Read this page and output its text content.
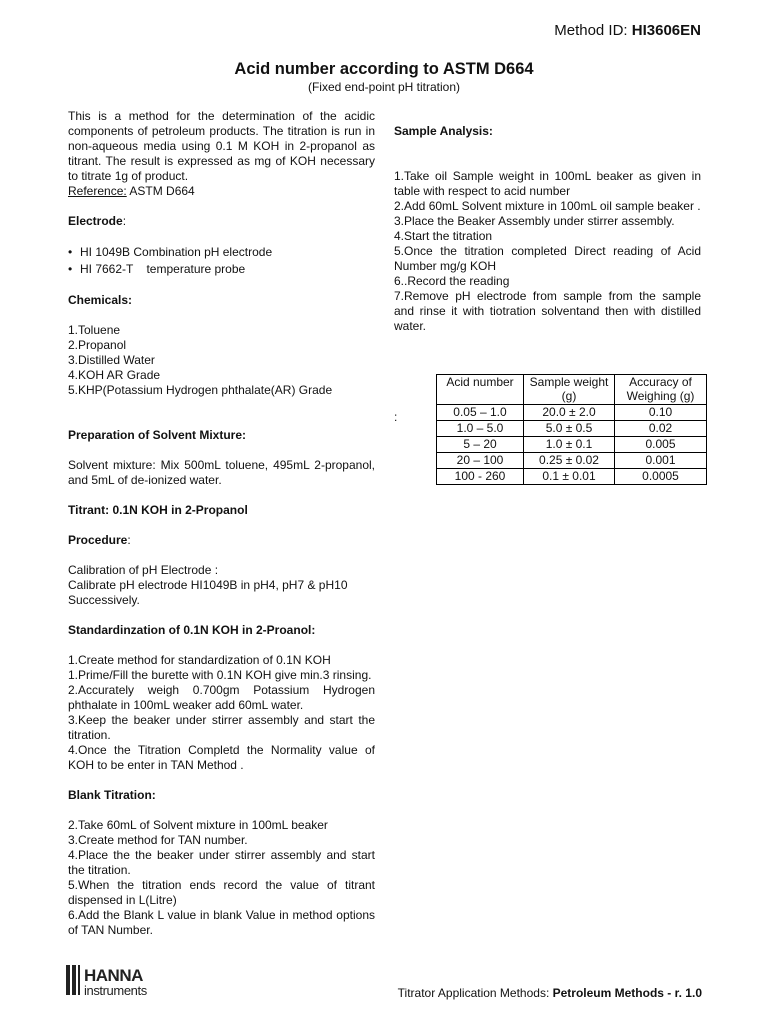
Method ID: HI3606EN
Acid number according to ASTM D664
(Fixed end-point pH titration)
This is a method for the determination of the acidic components of petroleum products. The titration is run in non-aqueous media using 0.1 M KOH in 2-propanol as titrant. The result is expressed as mg of KOH necessary to titrate 1g of product.
Reference: ASTM D664
Electrode:
• HI 1049B Combination pH electrode
• HI 7662-T    temperature probe
Chemicals:
1.Toluene
2.Propanol
3.Distilled Water
4.KOH AR Grade
5.KHP(Potassium Hydrogen phthalate(AR) Grade
Preparation of Solvent Mixture:
Solvent mixture: Mix 500mL toluene, 495mL 2-propanol, and 5mL of de-ionized water.
Titrant: 0.1N KOH in 2-Propanol
Procedure:
Calibration of pH Electrode :
Calibrate pH electrode HI1049B in pH4, pH7 & pH10 Successively.
Standardinzation of 0.1N KOH in 2-Proanol:
1.Create method for standardization of 0.1N KOH
1.Prime/Fill the burette with 0.1N KOH give min.3 rinsing.
2.Accurately weigh 0.700gm Potassium Hydrogen phthalate in 100mL weaker add 60mL water.
3.Keep the beaker under stirrer assembly and start the titration.
4.Once the Titration Completd the Normality value of KOH to be enter in TAN Method .
Blank Titration:
2.Take 60mL of Solvent mixture in 100mL beaker
3.Create method for TAN number.
4.Place the the beaker under stirrer assembly and start the titration.
5.When the titration ends record the value of titrant dispensed in L(Litre)
6.Add the Blank L value in blank Value in method options of TAN Number.
Sample Analysis:
1.Take oil Sample weight in 100mL beaker as given in table with respect to acid number
2.Add 60mL Solvent mixture in 100mL oil sample beaker .
3.Place the Beaker Assembly under stirrer assembly.
4.Start the titration
5.Once the titration completed Direct reading of Acid Number mg/g KOH
6..Record the reading
7.Remove pH electrode from sample from the sample and rinse it with tiotration solventand then with distilled water.
:
Acid number	Sample weight (g)	Accuracy of Weighing (g)
0.05 – 1.0	20.0 ± 2.0	0.10
1.0 – 5.0	5.0 ± 0.5	0.02
5 – 20	1.0 ± 0.1	0.005
20 – 100	0.25 ± 0.02	0.001
100 - 260	0.1 ± 0.01	0.0005
HANNA
instruments	Titrator Application Methods: Petroleum Methods - r. 1.0
